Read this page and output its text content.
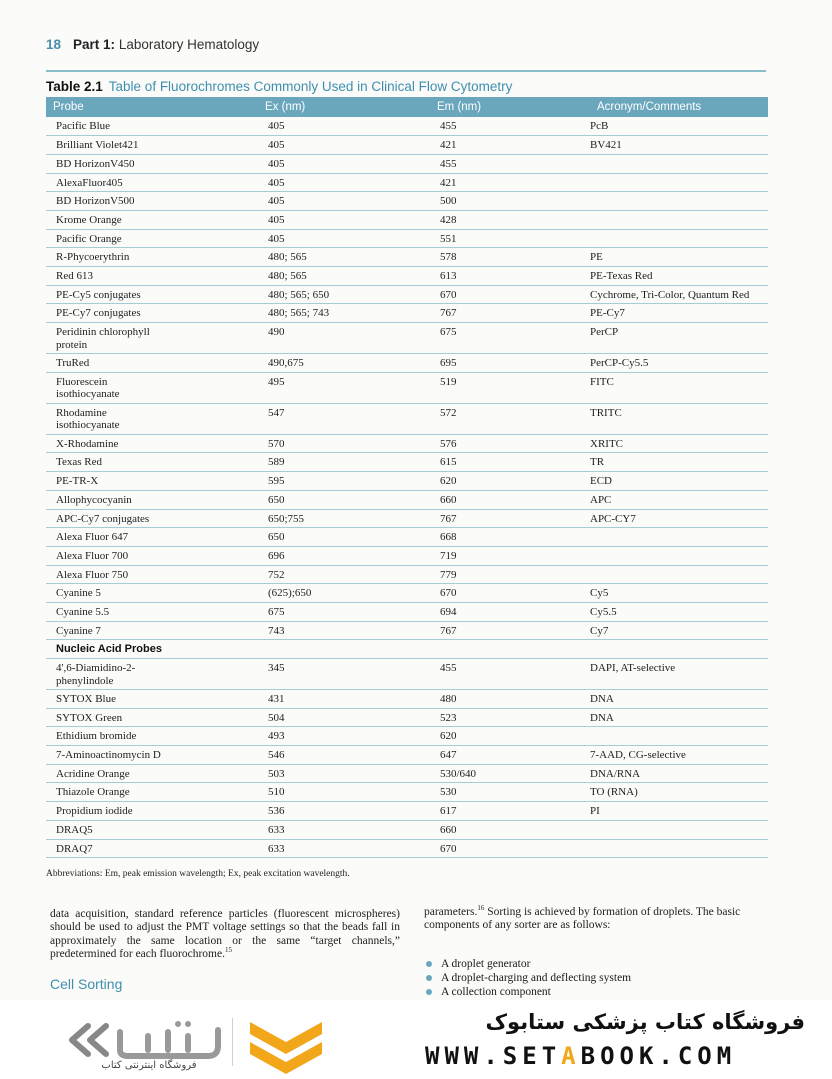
18 Part 1: Laboratory Hematology
Table 2.1 Table of Fluorochromes Commonly Used in Clinical Flow Cytometry
Probe	Ex (nm)	Em (nm)	Acronym/Comments
Pacific Blue	405	455	PcB
Brilliant Violet421	405	421	BV421
BD HorizonV450	405	455	
AlexaFluor405	405	421	
BD HorizonV500	405	500	
Krome Orange	405	428	
Pacific Orange	405	551	
R-Phycoerythrin	480; 565	578	PE
Red 613	480; 565	613	PE-Texas Red
PE-Cy5 conjugates	480; 565; 650	670	Cychrome, Tri-Color, Quantum Red
PE-Cy7 conjugates	480; 565; 743	767	PE-Cy7
Peridinin chlorophyll
protein	490	675	PerCP
TruRed	490,675	695	PerCP-Cy5.5
Fluorescein
isothiocyanate	495	519	FITC
Rhodamine
isothiocyanate	547	572	TRITC
X-Rhodamine	570	576	XRITC
Texas Red	589	615	TR
PE-TR-X	595	620	ECD
Allophycocyanin	650	660	APC
APC-Cy7 conjugates	650;755	767	APC-CY7
Alexa Fluor 647	650	668	
Alexa Fluor 700	696	719	
Alexa Fluor 750	752	779	
Cyanine 5	(625);650	670	Cy5
Cyanine 5.5	675	694	Cy5.5
Cyanine 7	743	767	Cy7
Nucleic Acid Probes			
4',6-Diamidino-2-
phenylindole	345	455	DAPI, AT-selective
SYTOX Blue	431	480	DNA
SYTOX Green	504	523	DNA
Ethidium bromide	493	620	
7-Aminoactinomycin D	546	647	7-AAD, CG-selective
Acridine Orange	503	530/640	DNA/RNA
Thiazole Orange	510	530	TO (RNA)
Propidium iodide	536	617	PI
DRAQ5	633	660	
DRAQ7	633	670	
Abbreviations: Em, peak emission wavelength; Ex, peak excitation wavelength.
data acquisition, standard reference particles (fluorescent microspheres) should be used to adjust the PMT voltage settings so that the beads fall in approximately the same location or the same “target channels,” predetermined for each fluorochrome.$^{15}$
Cell Sorting
parameters.$^{16}$ Sorting is achieved by formation of droplets. The basic components of any sorter are as follows:
A droplet generator
A droplet-charging and deflecting system
A collection component
فروشگاه اینترنتی کتاب
فروشگاه کتاب پزشکی ستابوک
WWW.SETABOOK.COM
